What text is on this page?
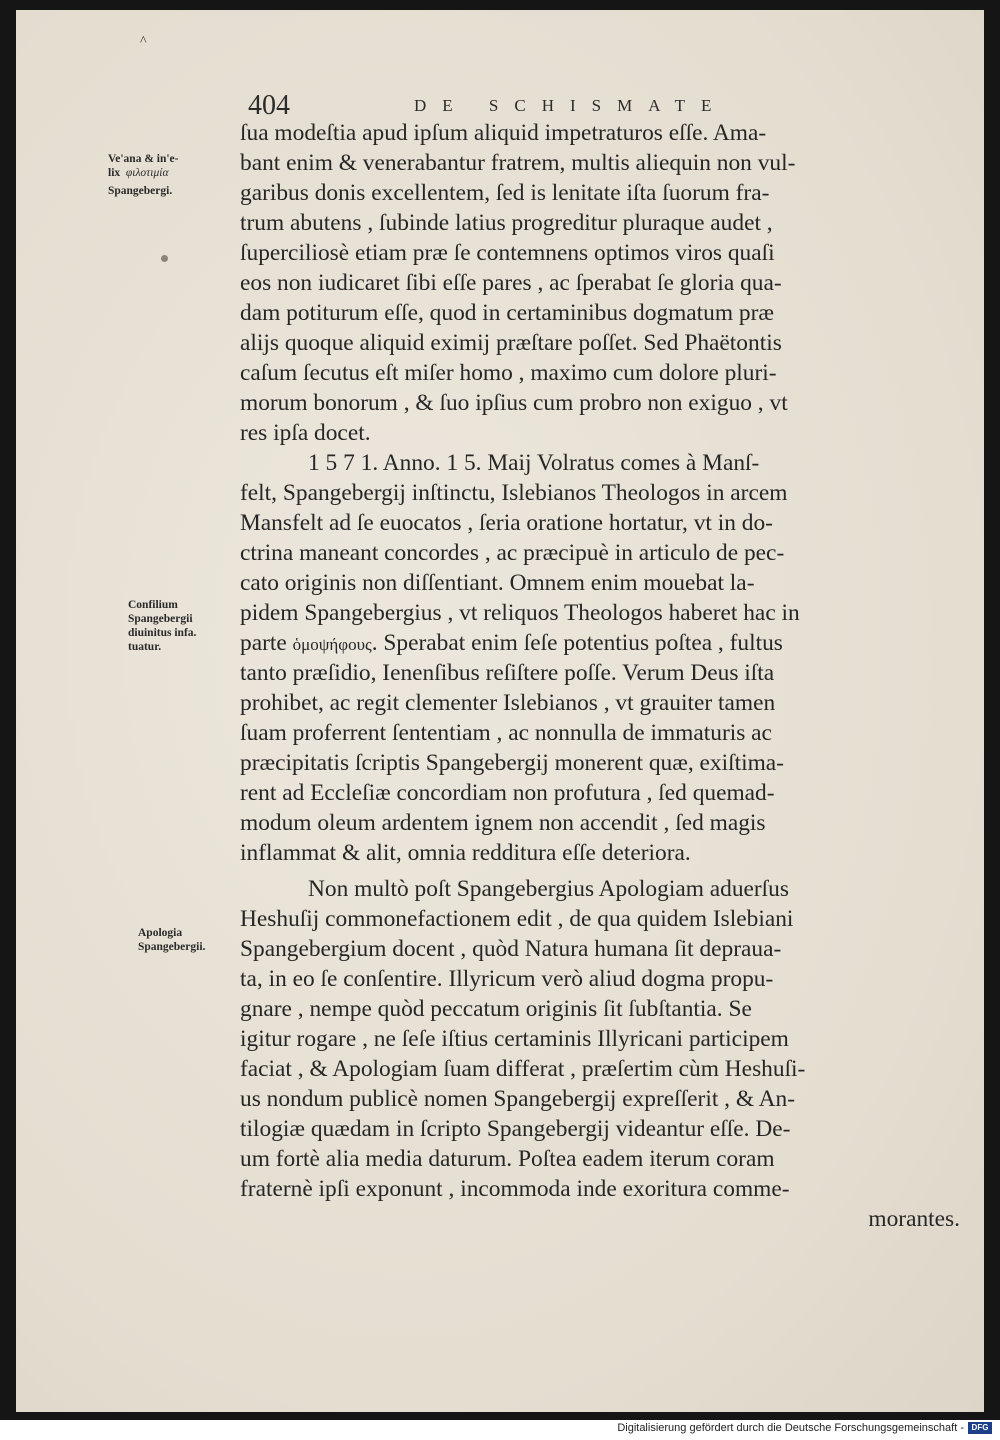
^
404	DE SCHISMATE
Ve'ana & in'e-
lix φιλοτιμία
Spangebergi.
Confilium
Spangebergii
diuinitus infa.
tuatur.
Apologia
Spangebergii.
ſua modeſtia apud ipſum aliquid impetraturos eſſe. Ama-
bant enim & venerabantur fratrem, multis aliequin non vul-
garibus donis excellentem, ſed is lenitate iſta ſuorum fra-
trum abutens , ſubinde latius progreditur pluraque audet ,
ſuperciliosè etiam præ ſe contemnens optimos viros quaſi
eos non iudicaret ſibi eſſe pares , ac ſperabat ſe gloria qua-
dam potiturum eſſe, quod in certaminibus dogmatum præ
alijs quoque aliquid eximij præſtare poſſet. Sed Phaëtontis
caſum ſecutus eſt miſer homo , maximo cum dolore pluri-
morum bonorum , & ſuo ipſius cum probro non exiguo , vt
res ipſa docet.
1 5 7 1. Anno. 1 5. Maij Volratus comes à Manſ-
felt, Spangebergij inſtinctu, Islebianos Theologos in arcem
Mansfelt ad ſe euocatos , ſeria oratione hortatur, vt in do-
ctrina maneant concordes , ac præcipuè in articulo de pec-
cato originis non diſſentiant. Omnem enim mouebat la-
pidem Spangebergius , vt reliquos Theologos haberet hac in
parte ὁμοψήφους. Sperabat enim ſeſe potentius poſtea , fultus
tanto præſidio, Ienenſibus reſiſtere poſſe. Verum Deus iſta
prohibet, ac regit clementer Islebianos , vt grauiter tamen
ſuam proferrent ſententiam , ac nonnulla de immaturis ac
præcipitatis ſcriptis Spangebergij monerent quæ, exiſtima-
rent ad Eccleſiæ concordiam non profutura , ſed quemad-
modum oleum ardentem ignem non accendit , ſed magis
inflammat & alit, omnia redditura eſſe deteriora.
Non multò poſt Spangebergius Apologiam aduerſus
Heshuſij commonefactionem edit , de qua quidem Islebiani
Spangebergium docent , quòd Natura humana ſit deprauа-
ta, in eo ſe conſentire. Illyricum verò aliud dogma propu-
gnare , nempe quòd peccatum originis ſit ſubſtantia. Se
igitur rogare , ne ſeſe iſtius certaminis Illyricani participem
faciat , & Apologiam ſuam differat , præſertim cùm Heshuſi-
us nondum publicè nomen Spangebergij expreſſerit , & An-
tilogiæ quædam in ſcripto Spangebergij videantur eſſe. De-
um fortè alia media daturum. Poſtea eadem iterum coram
fraternè ipſi exponunt , incommoda inde exoritura comme-
morantes.
Digitalisierung gefördert durch die Deutsche Forschungsgemeinschaft - DFG
